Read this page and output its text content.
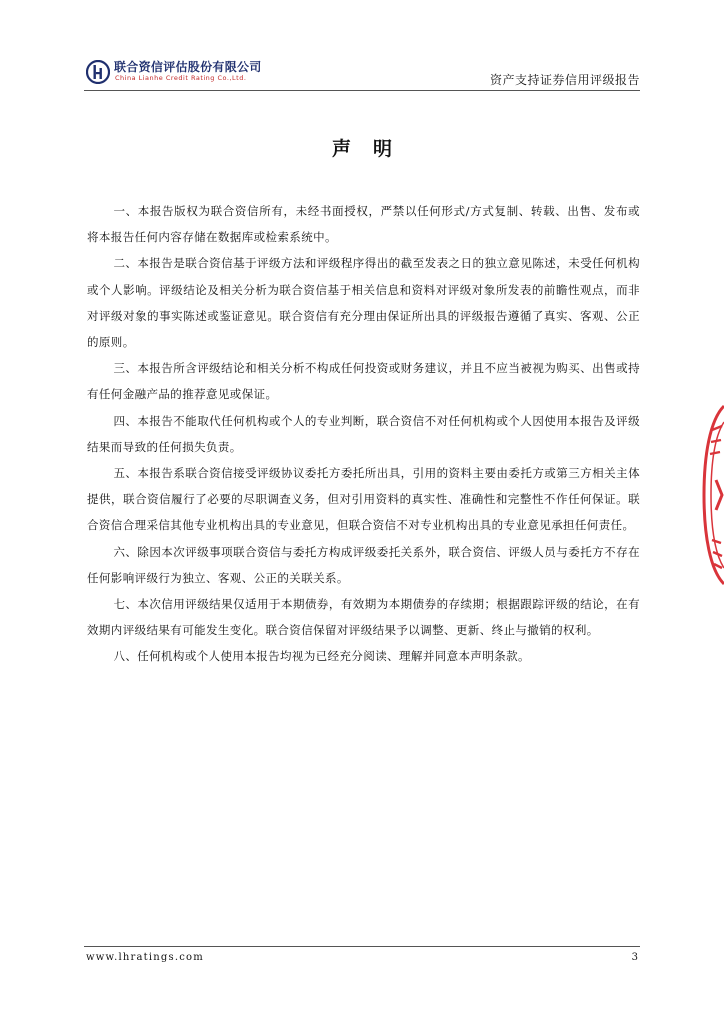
联合资信评估股份有限公司
China Lianhe Credit Rating Co.,Ltd.	资产支持证券信用评级报告
声明

一、本报告版权为联合资信所有，未经书面授权，严禁以任何形式/方式复制、转载、出售、发布或将本报告任何内容存储在数据库或检索系统中。

二、本报告是联合资信基于评级方法和评级程序得出的截至发表之日的独立意见陈述，未受任何机构或个人影响。评级结论及相关分析为联合资信基于相关信息和资料对评级对象所发表的前瞻性观点，而非对评级对象的事实陈述或鉴证意见。联合资信有充分理由保证所出具的评级报告遵循了真实、客观、公正的原则。

三、本报告所含评级结论和相关分析不构成任何投资或财务建议，并且不应当被视为购买、出售或持有任何金融产品的推荐意见或保证。

四、本报告不能取代任何机构或个人的专业判断，联合资信不对任何机构或个人因使用本报告及评级结果而导致的任何损失负责。

五、本报告系联合资信接受评级协议委托方委托所出具，引用的资料主要由委托方或第三方相关主体提供，联合资信履行了必要的尽职调查义务，但对引用资料的真实性、准确性和完整性不作任何保证。联合资信合理采信其他专业机构出具的专业意见，但联合资信不对专业机构出具的专业意见承担任何责任。

六、除因本次评级事项联合资信与委托方构成评级委托关系外，联合资信、评级人员与委托方不存在任何影响评级行为独立、客观、公正的关联关系。

七、本次信用评级结果仅适用于本期债券，有效期为本期债券的存续期；根据跟踪评级的结论，在有效期内评级结果有可能发生变化。联合资信保留对评级结果予以调整、更新、终止与撤销的权利。

八、任何机构或个人使用本报告均视为已经充分阅读、理解并同意本声明条款。

www.lhratings.com	3
